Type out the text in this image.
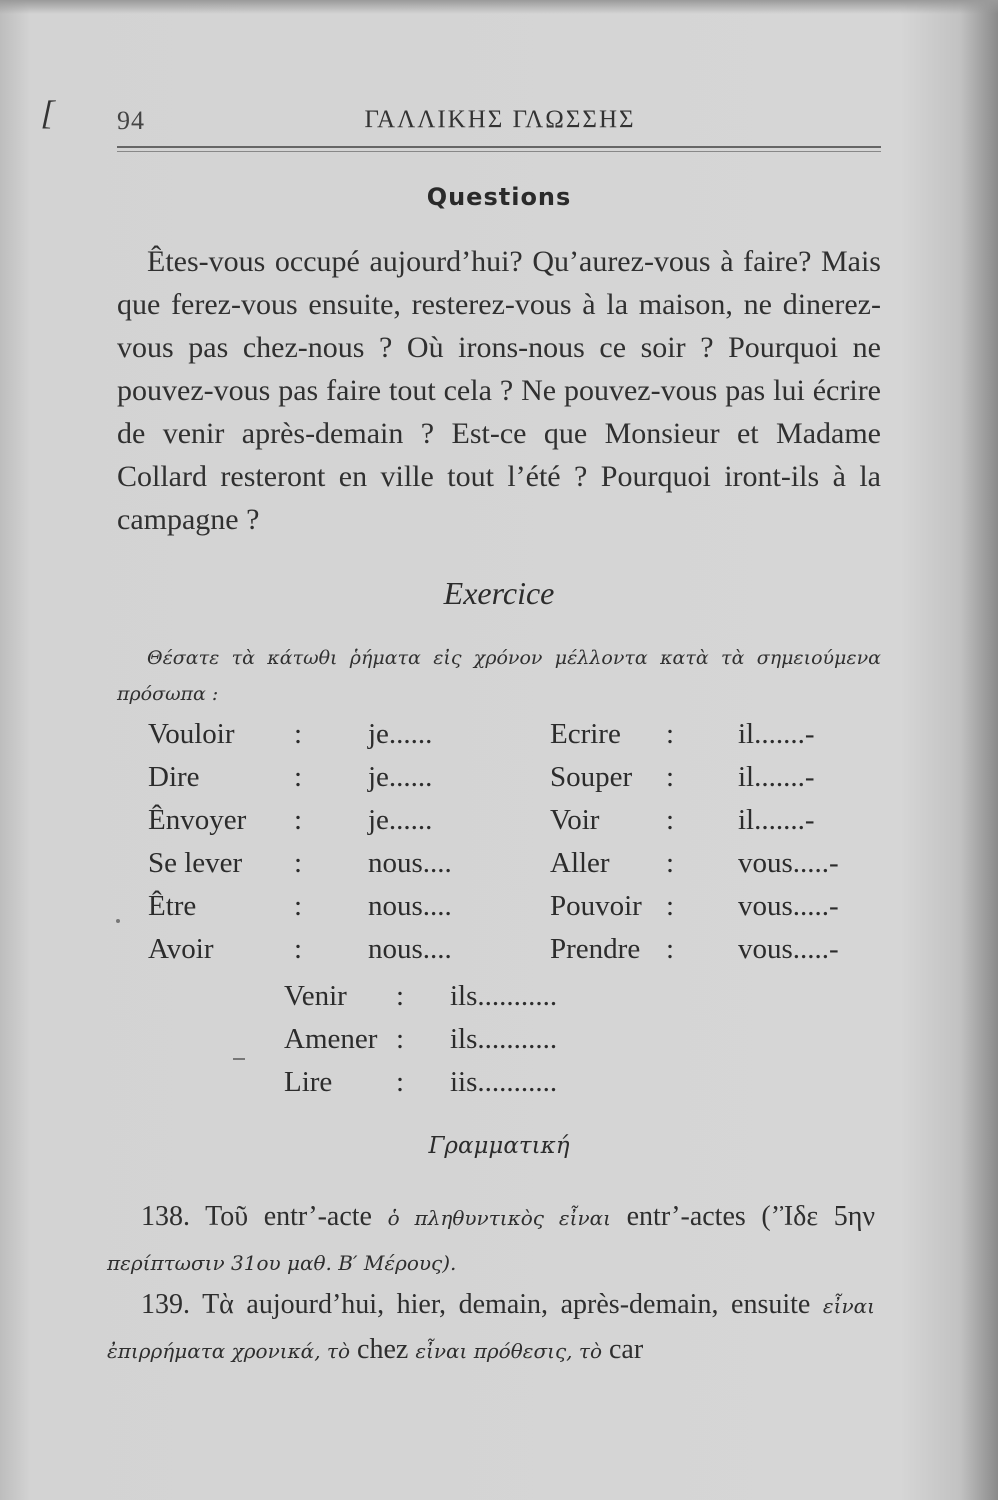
[ 94	ΓΑΛΛΙΚΗΣ ΓΛΩΣΣΗΣ
Questions
Êtes-vous occupé aujourd’hui? Qu’aurez-vous à faire? Mais que ferez-vous ensuite, resterez-vous à la maison, ne dinerez-vous pas chez-nous ? Où irons-nous ce soir ? Pourquoi ne pouvez-vous pas faire tout cela ? Ne pouvez-vous pas lui écrire de venir après-demain ? Est-ce que Monsieur et Madame Collard resteront en ville tout l’été ? Pourquoi iront-ils à la campagne ?
Exercice
Θέσατε τὰ κάτωθι ῥήματα εἰς χρόνον μέλλοντα κατὰ τὰ σημειούμενα πρόσωπα :
Vouloir : je......	Ecrire : il.......-
Dire	: je......	Souper : il.......-
Ênvoyer : je......	Voir : il.......-
Se lever : nous....	Aller : vous.....-
Être	: nous....	Pouvoir : vous.....-
Avoir	: nous....	Prendre : vous.....-
Venir : ils...........
Amener : ils...........
Lire : iis...........
Γραμματική
138. Τοῦ entr’-acte ὁ πληθυντικὸς εἶναι entr’-actes (’Ἰδε 5ην περίπτωσιν 31ου μαθ. Β′ Μέρους).
139. Τὰ aujourd’hui, hier, demain, après-demain, ensuite εἶναι ἐπιρρήματα χρονικά, τὸ chez εἶναι πρόθεσις, τὸ car
